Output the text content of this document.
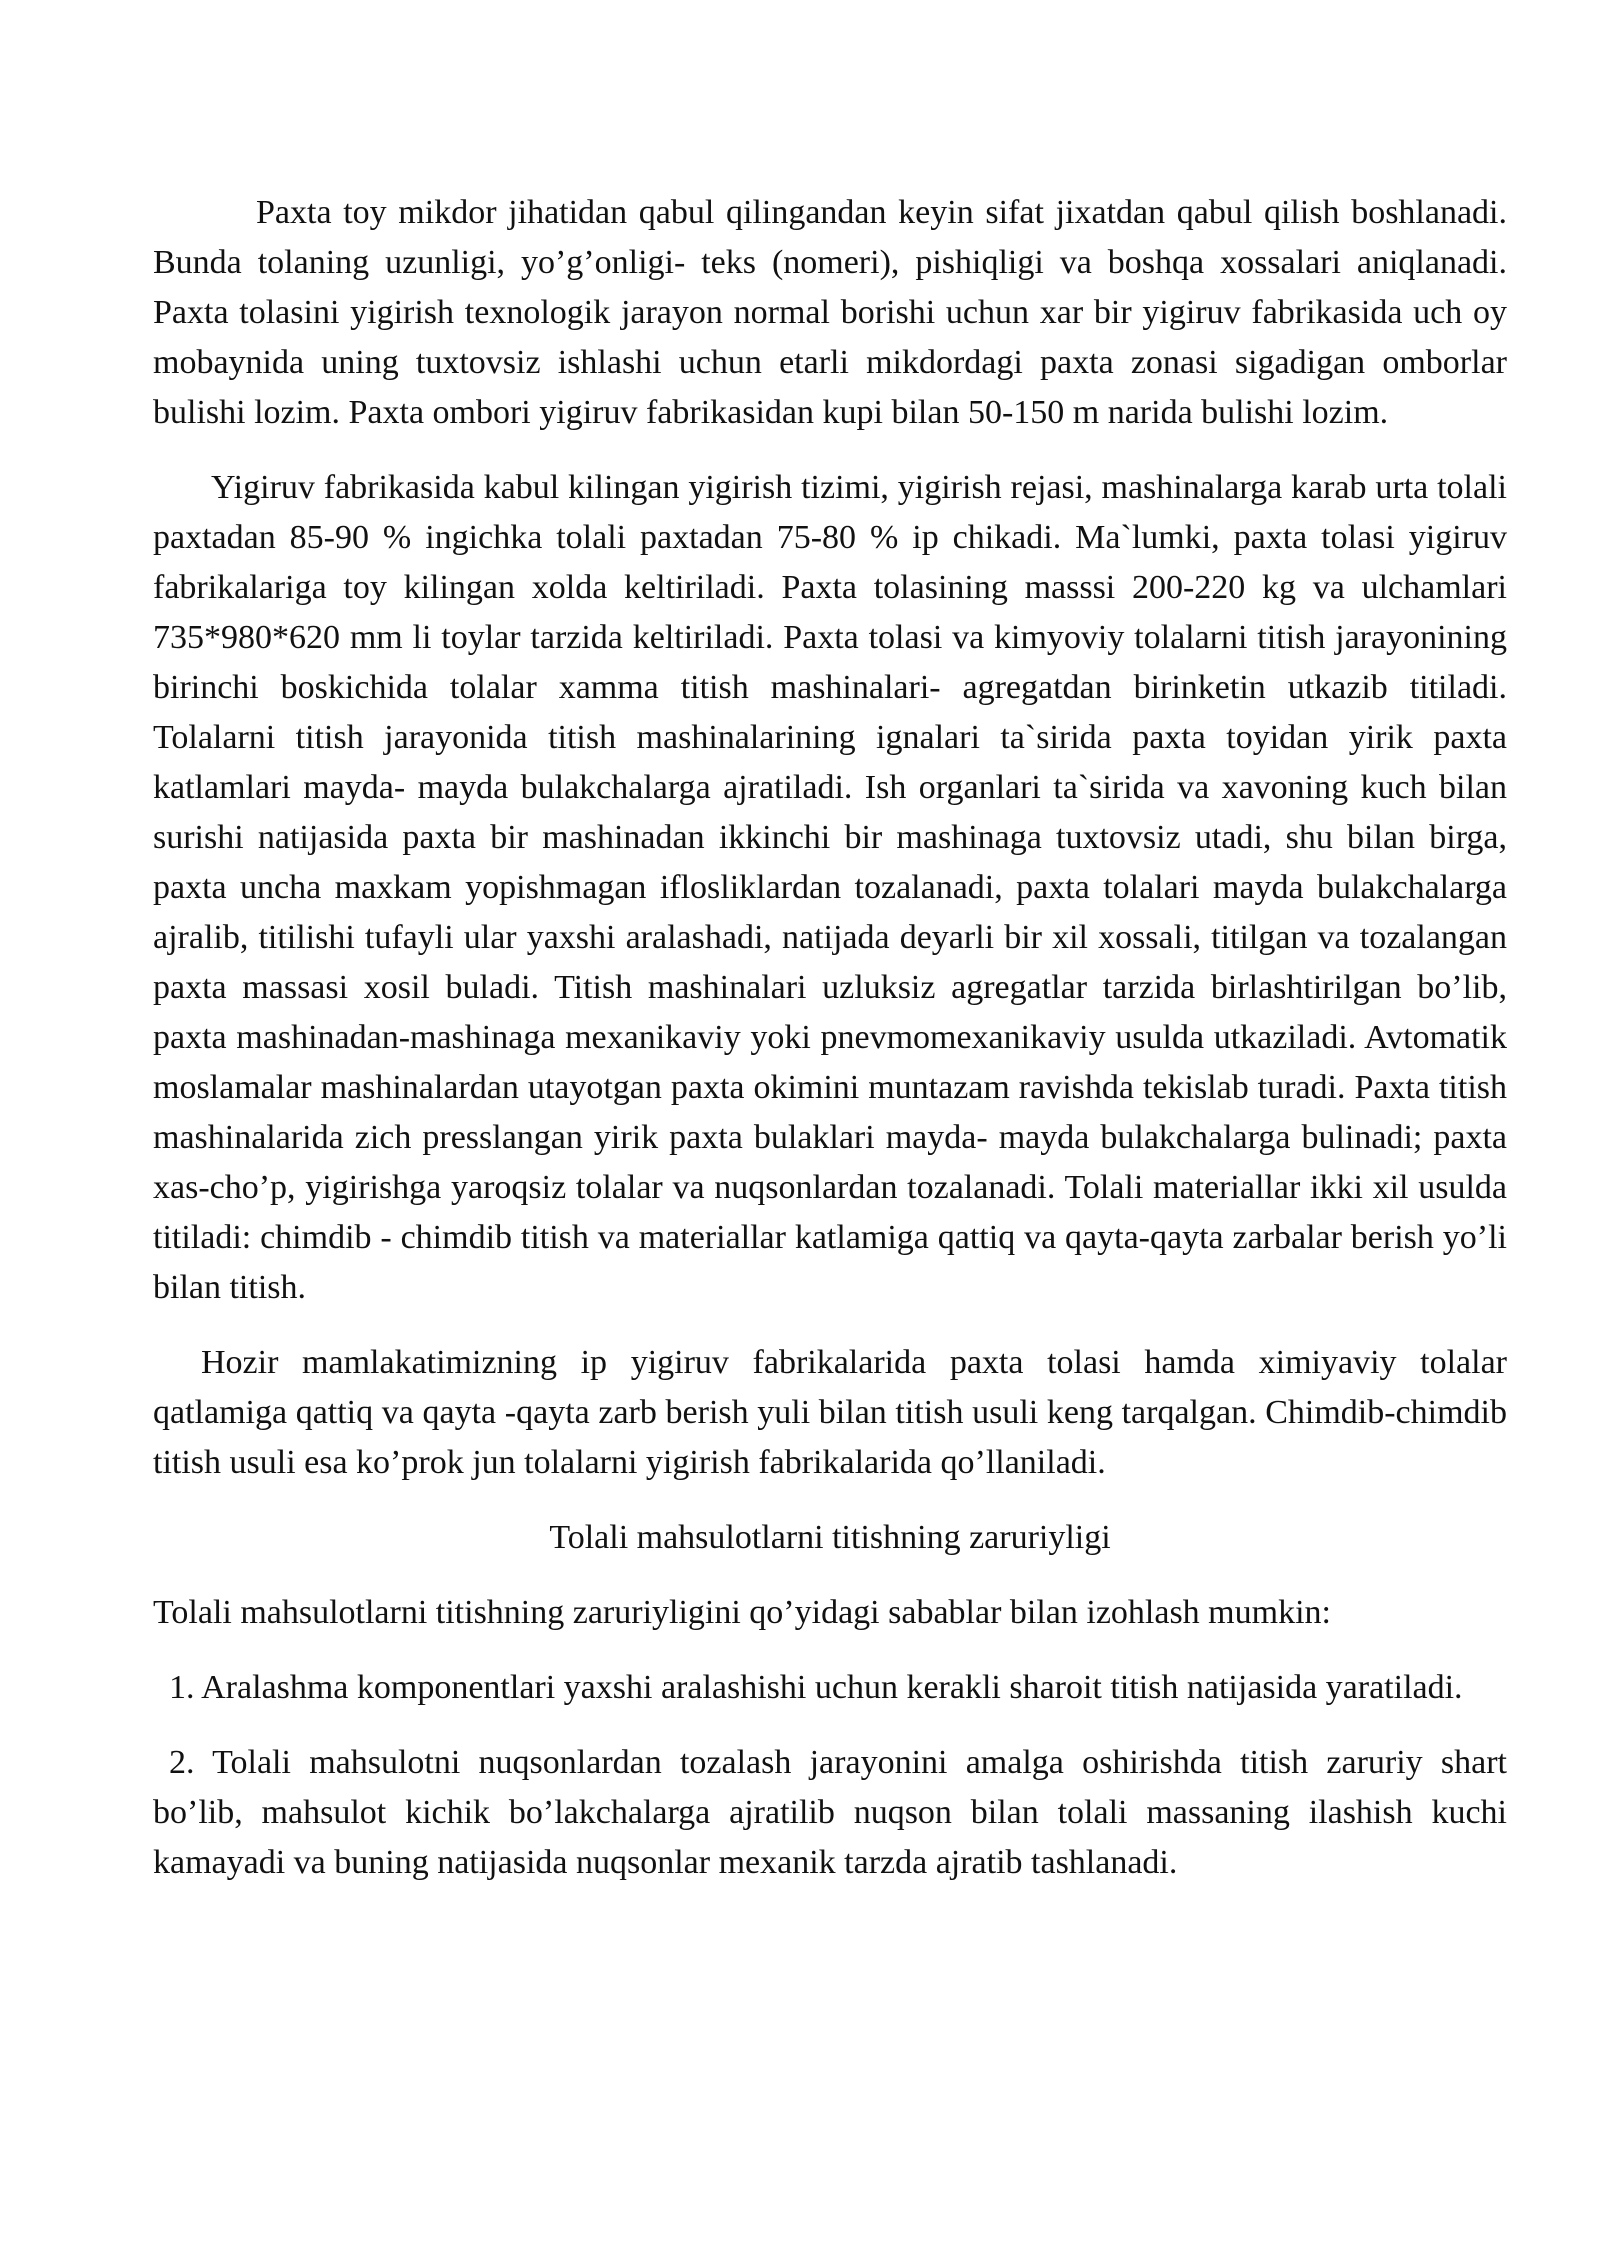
Paxta toy mikdor jihatidan qabul qilingandan keyin sifat jixatdan qabul qilish boshlanadi. Bunda tolaning uzunligi, yo’g’onligi- teks (nomeri), pishiqligi va boshqa xossalari aniqlanadi. Paxta tolasini yigirish texnologik jarayon normal borishi uchun xar bir yigiruv fabrikasida uch oy mobaynida uning tuxtovsiz ishlashi uchun etarli mikdordagi paxta zonasi sigadigan omborlar bulishi lozim. Paxta ombori yigiruv fabrikasidan kupi bilan 50-150 m narida bulishi lozim.

Yigiruv fabrikasida kabul kilingan yigirish tizimi, yigirish rejasi, mashinalarga karab urta tolali paxtadan 85-90 % ingichka tolali paxtadan 75-80 % ip chikadi. Ma`lumki, paxta tolasi yigiruv fabrikalariga toy kilingan xolda keltiriladi. Paxta tolasining masssi 200-220 kg va ulchamlari 735*980*620 mm li toylar tarzida keltiriladi. Paxta tolasi va kimyoviy tolalarni titish jarayonining birinchi boskichida tolalar xamma titish mashinalari- agregatdan birinketin utkazib titiladi. Tolalarni titish jarayonida titish mashinalarining ignalari ta`sirida paxta toyidan yirik paxta katlamlari mayda- mayda bulakchalarga ajratiladi. Ish organlari ta`sirida va xavoning kuch bilan surishi natijasida paxta bir mashinadan ikkinchi bir mashinaga tuxtovsiz utadi, shu bilan birga, paxta uncha maxkam yopishmagan iflosliklardan tozalanadi, paxta tolalari mayda bulakchalarga ajralib, titilishi tufayli ular yaxshi aralashadi, natijada deyarli bir xil xossali, titilgan va tozalangan paxta massasi xosil buladi. Titish mashinalari uzluksiz agregatlar tarzida birlashtirilgan bo’lib, paxta mashinadan-mashinaga mexanikaviy yoki pnevmomexanikaviy usulda utkaziladi. Avtomatik moslamalar mashinalardan utayotgan paxta okimini muntazam ravishda tekislab turadi. Paxta titish mashinalarida zich presslangan yirik paxta bulaklari mayda- mayda bulakchalarga bulinadi; paxta xas-cho’p, yigirishga yaroqsiz tolalar va nuqsonlardan tozalanadi. Tolali materiallar ikki xil usulda titiladi: chimdib - chimdib titish va materiallar katlamiga qattiq va qayta-qayta zarbalar berish yo’li bilan titish.

Hozir mamlakatimizning ip yigiruv fabrikalarida paxta tolasi hamda ximiyaviy tolalar qatlamiga qattiq va qayta -qayta zarb berish yuli bilan titish usuli keng tarqalgan. Chimdib-chimdib titish usuli esa ko’prok jun tolalarni yigirish fabrikalarida qo’llaniladi.

Tolali mahsulotlarni titishning zaruriyligi

Tolali mahsulotlarni titishning zaruriyligini qo’yidagi sabablar bilan izohlash mumkin:

1. Aralashma komponentlari yaxshi aralashishi uchun kerakli sharoit titish natijasida yaratiladi.

2. Tolali mahsulotni nuqsonlardan tozalash jarayonini amalga oshirishda titish zaruriy shart bo’lib, mahsulot kichik bo’lakchalarga ajratilib nuqson bilan tolali massaning ilashish kuchi kamayadi va buning natijasida nuqsonlar mexanik tarzda ajratib tashlanadi.
